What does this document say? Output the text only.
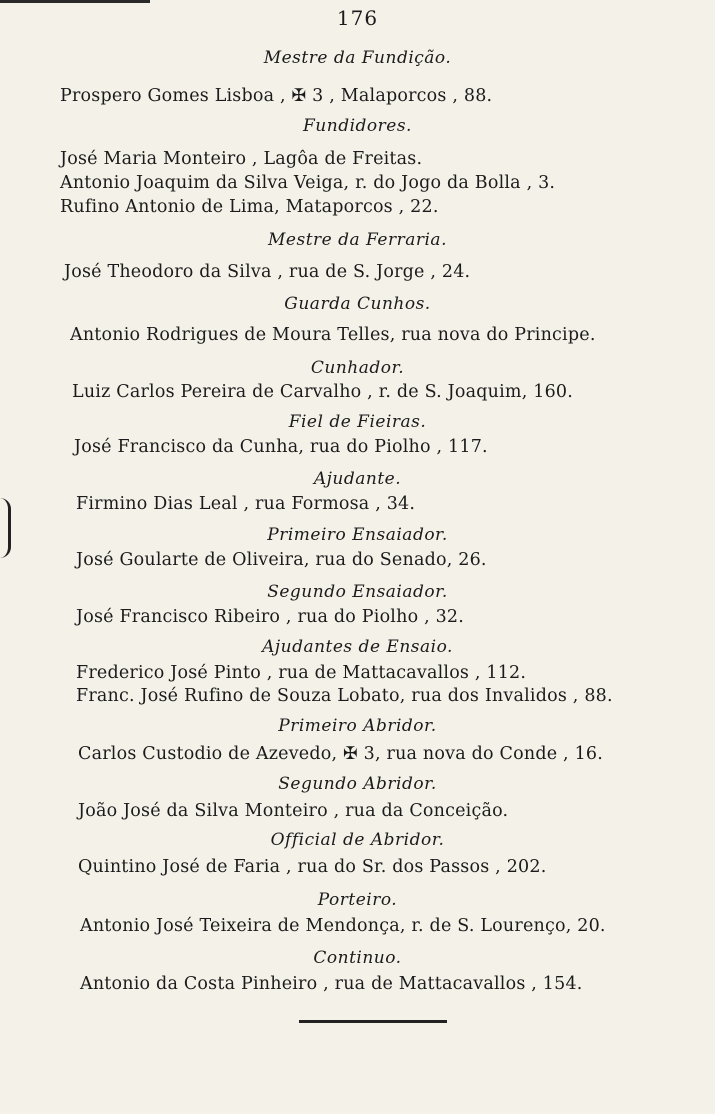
176
Mestre da Fundição.
Prospero Gomes Lisboa , ✠ 3 , Malaporcos , 88.
Fundidores.
José Maria Monteiro , Lagôa de Freitas.
Antonio Joaquim da Silva Veiga, r. do Jogo da Bolla , 3.
Rufino Antonio de Lima, Mataporcos , 22.
Mestre da Ferraria.
José Theodoro da Silva , rua de S. Jorge , 24.
Guarda Cunhos.
Antonio Rodrigues de Moura Telles, rua nova do Principe.
Cunhador.
Luiz Carlos Pereira de Carvalho , r. de S. Joaquim, 160.
Fiel de Fieiras.
José Francisco da Cunha, rua do Piolho , 117.
Ajudante.
Firmino Dias Leal , rua Formosa , 34.
Primeiro Ensaiador.
José Goularte de Oliveira, rua do Senado, 26.
Segundo Ensaiador.
José Francisco Ribeiro , rua do Piolho , 32.
Ajudantes de Ensaio.
Frederico José Pinto , rua de Mattacavallos , 112.
Franc. José Rufino de Souza Lobato, rua dos Invalidos , 88.
Primeiro Abridor.
Carlos Custodio de Azevedo, ✠ 3, rua nova do Conde , 16.
Segundo Abridor.
João José da Silva Monteiro , rua da Conceição.
Official de Abridor.
Quintino José de Faria , rua do Sr. dos Passos , 202.
Porteiro.
Antonio José Teixeira de Mendonça, r. de S. Lourenço, 20.
Continuo.
Antonio da Costa Pinheiro , rua de Mattacavallos , 154.
